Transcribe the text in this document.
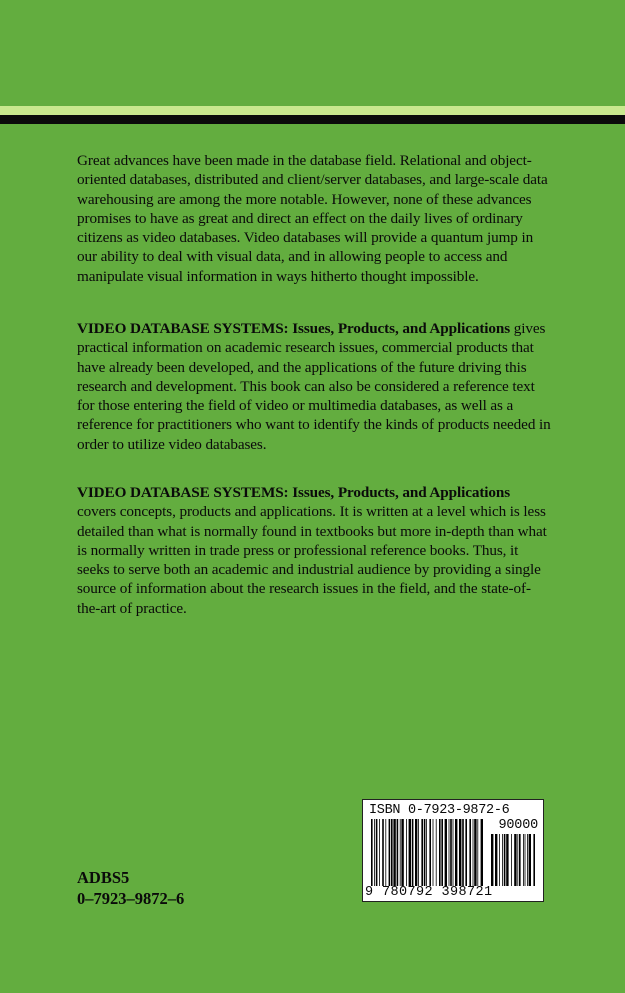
Great advances have been made in the database field. Relational and object-oriented databases, distributed and client/server databases, and large-scale data warehousing are among the more notable. However, none of these advances promises to have as great and direct an effect on the daily lives of ordinary citizens as video databases. Video databases will provide a quantum jump in our ability to deal with visual data, and in allowing people to access and manipulate visual information in ways hitherto thought impossible.

VIDEO DATABASE SYSTEMS: Issues, Products, and Applications gives practical information on academic research issues, commercial products that have already been developed, and the applications of the future driving this research and development. This book can also be considered a reference text for those entering the field of video or multimedia databases, as well as a reference for practitioners who want to identify the kinds of products needed in order to utilize video databases.

VIDEO DATABASE SYSTEMS: Issues, Products, and Applications covers concepts, products and applications. It is written at a level which is less detailed than what is normally found in textbooks but more in-depth than what is normally written in trade press or professional reference books. Thus, it seeks to serve both an academic and industrial audience by providing a single source of information about the research issues in the field, and the state-of-the-art of practice.

ADBS5
0–7923–9872–6
ISBN 0-7923-9872-6
90000
9 780792 398721
